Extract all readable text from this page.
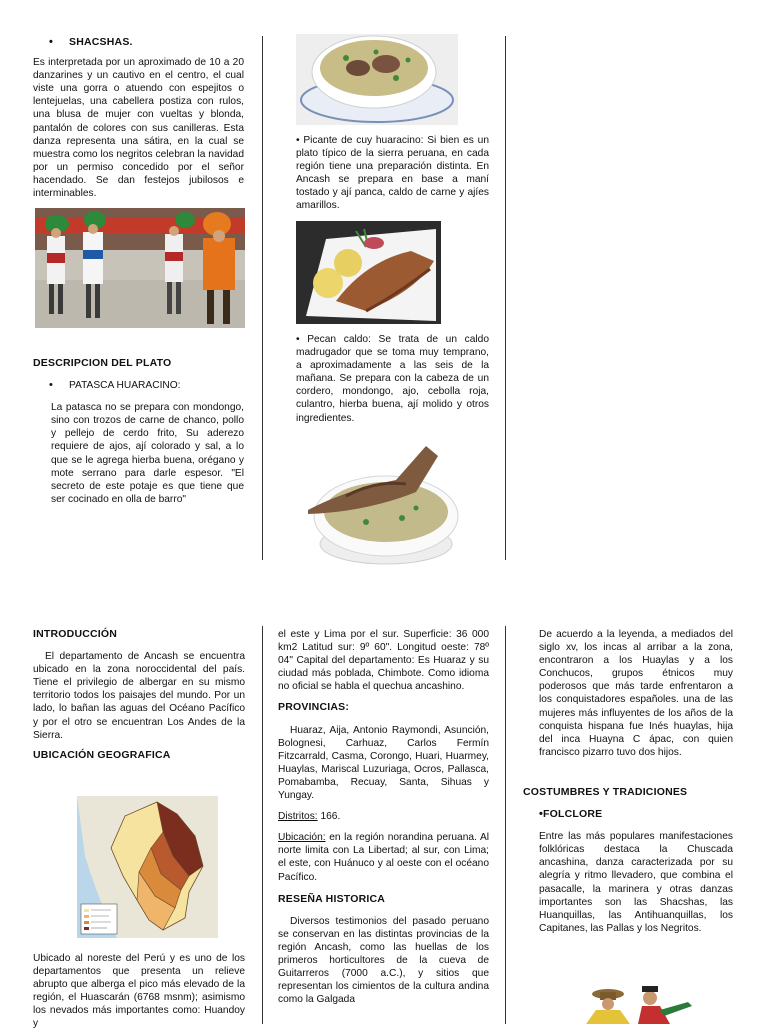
• SHACSHAS.

Es interpretada por un aproximado de 10 a 20 danzarines y un cautivo en el centro, el cual viste una gorra o atuendo con espejitos o lentejuelas, una cabellera postiza con rulos, una blusa de mujer con vueltas y blonda, pantalón de colores con sus canilleras. Esta danza representa una sátira, en la cual se muestra como los negritos celebran la navidad por un permiso concedido por el señor hacendado. Se dan festejos jubilosos e interminables.

DESCRIPCION DEL PLATO
• PATASCA HUARACINO:

La patasca no se prepara con mondongo, sino con trozos de carne de chanco, pollo y pellejo de cerdo frito, Su aderezo requiere de ajos, ají colorado y sal, a lo que se le agrega hierba buena, orégano y mote serrano para darle espesor. "El secreto de este potaje es que tiene que ser cocinado en olla de barro"

• Picante de cuy huaracino: Si bien es un plato típico de la sierra peruana, en cada región tiene una preparación distinta. En Ancash se prepara en base a maní tostado y ají panca, caldo de carne y ajíes amarillos.
• Pecan caldo: Se trata de un caldo madrugador que se toma muy temprano, a aproximadamente a las seis de la mañana. Se prepara con la cabeza de un cordero, mondongo, ajo, cebolla roja, culantro, hierba buena, ají molido y otros ingredientes.
INTRODUCCIÓN

El departamento de Ancash se encuentra ubicado en la zona noroccidental del país. Tiene el privilegio de albergar en su mismo territorio todos los paisajes del mundo. Por un lado, lo bañan las aguas del Océano Pacífico y por el otro se encuentran Los Andes de la Sierra.

UBICACIÓN GEOGRAFICA
Ubicado al noreste del Perú y es uno de los departamentos que presenta un relieve abrupto que alberga el pico más elevado de la región, el Huascarán (6768 msnm); asimismo los nevados más importantes como: Huandoy y

el este y Lima por el sur. Superficie: 36 000 km2 Latitud sur: 9º 60". Longitud oeste: 78º 04" Capital del departamento: Es Huaraz y su ciudad más poblada, Chimbote. Como idioma no oficial se habla el quechua ancashino.

PROVINCIAS:

Huaraz, Aija, Antonio Raymondi, Asunción, Bolognesi, Carhuaz, Carlos Fermín Fitzcarrald, Casma, Corongo, Huari, Huarmey, Huaylas, Mariscal Luzuriaga, Ocros, Pallasca, Pomabamba, Recuay, Santa, Sihuas y Yungay.

Distritos: 166.

Ubicación: en la región norandina peruana. Al norte limita con La Libertad; al sur, con Lima; el este, con Huánuco y al oeste con el océano Pacífico.

RESEÑA HISTORICA

Diversos testimonios del pasado peruano se conservan en las distintas provincias de la región Ancash, como las huellas de los primeros horticultores de la cueva de Guitarreros (7000 a.C.), y sitios que representan los cimientos de la cultura andina como la Galgada

De acuerdo a la leyenda, a mediados del siglo xv, los incas al arribar a la zona, encontraron a los Huaylas y a los Conchucos, grupos étnicos muy poderosos que más tarde enfrentaron a los conquistadores españoles. una de las mujeres más influyentes de los años de la conquista hispana fue Inés huaylas, hija del inca Huayna C ápac, con quien francisco pizarro tuvo dos hijos.

COSTUMBRES Y TRADICIONES
• FOLCLORE

Entre las más populares manifestaciones folklóricas destaca la Chuscada ancashina, danza caracterizada por su alegría y ritmo llevadero, que combina el pasacalle, la marinera y otras danzas importantes son las Shacshas, las Huanquillas, las Antihuanquillas, los Capitanes, las Pallas y los Negritos.
